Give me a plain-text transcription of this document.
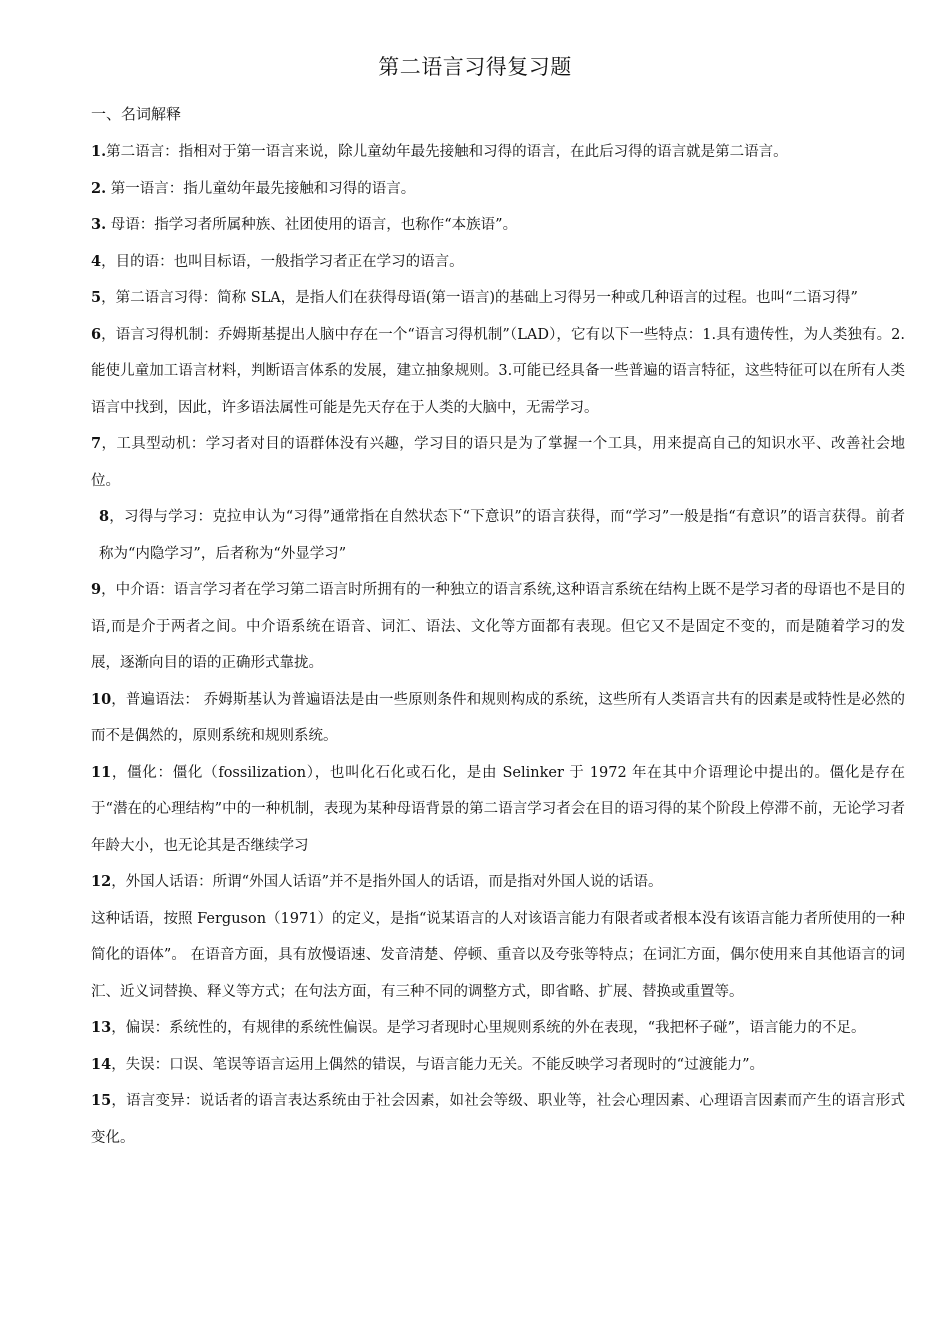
第二语言习得复习题
一、名词解释

1.第二语言：指相对于第一语言来说，除儿童幼年最先接触和习得的语言，在此后习得的语言就是第二语言。

2. 第一语言：指儿童幼年最先接触和习得的语言。

3. 母语：指学习者所属种族、社团使用的语言，也称作“本族语”。

4，目的语：也叫目标语，一般指学习者正在学习的语言。

5，第二语言习得：简称 SLA，是指人们在获得母语(第一语言)的基础上习得另一种或几种语言的过程。也叫“二语习得”

6，语言习得机制：乔姆斯基提出人脑中存在一个“语言习得机制”（LAD），它有以下一些特点：1.具有遗传性，为人类独有。2.能使儿童加工语言材料，判断语言体系的发展，建立抽象规则。3.可能已经具备一些普遍的语言特征，这些特征可以在所有人类语言中找到，因此，许多语法属性可能是先天存在于人类的大脑中，无需学习。

7，工具型动机：学习者对目的语群体没有兴趣，学习目的语只是为了掌握一个工具，用来提高自己的知识水平、改善社会地位。

8，习得与学习：克拉申认为“习得”通常指在自然状态下“下意识”的语言获得，而“学习”一般是指“有意识”的语言获得。前者称为“内隐学习”，后者称为“外显学习”

9，中介语：语言学习者在学习第二语言时所拥有的一种独立的语言系统,这种语言系统在结构上既不是学习者的母语也不是目的语,而是介于两者之间。中介语系统在语音、词汇、语法、文化等方面都有表现。但它又不是固定不变的，而是随着学习的发展，逐渐向目的语的正确形式靠拢。

10，普遍语法： 乔姆斯基认为普遍语法是由一些原则条件和规则构成的系统，这些所有人类语言共有的因素是或特性是必然的而不是偶然的，原则系统和规则系统。

11，僵化：僵化（fossilization），也叫化石化或石化，是由 Selinker 于 1972 年在其中介语理论中提出的。僵化是存在于“潜在的心理结构”中的一种机制，表现为某种母语背景的第二语言学习者会在目的语习得的某个阶段上停滞不前，无论学习者年龄大小，也无论其是否继续学习

12，外国人话语：所谓“外国人话语”并不是指外国人的话语，而是指对外国人说的话语。

这种话语，按照 Ferguson（1971）的定义，是指“说某语言的人对该语言能力有限者或者根本没有该语言能力者所使用的一种简化的语体”。 在语音方面，具有放慢语速、发音清楚、停顿、重音以及夸张等特点；在词汇方面，偶尔使用来自其他语言的词汇、近义词替换、释义等方式；在句法方面，有三种不同的调整方式，即省略、扩展、替换或重置等。

13，偏误：系统性的，有规律的系统性偏误。是学习者现时心里规则系统的外在表现，“我把杯子碰”，语言能力的不足。

14，失误：口误、笔误等语言运用上偶然的错误，与语言能力无关。不能反映学习者现时的“过渡能力”。

15，语言变异：说话者的语言表达系统由于社会因素，如社会等级、职业等，社会心理因素、心理语言因素而产生的语言形式变化。
